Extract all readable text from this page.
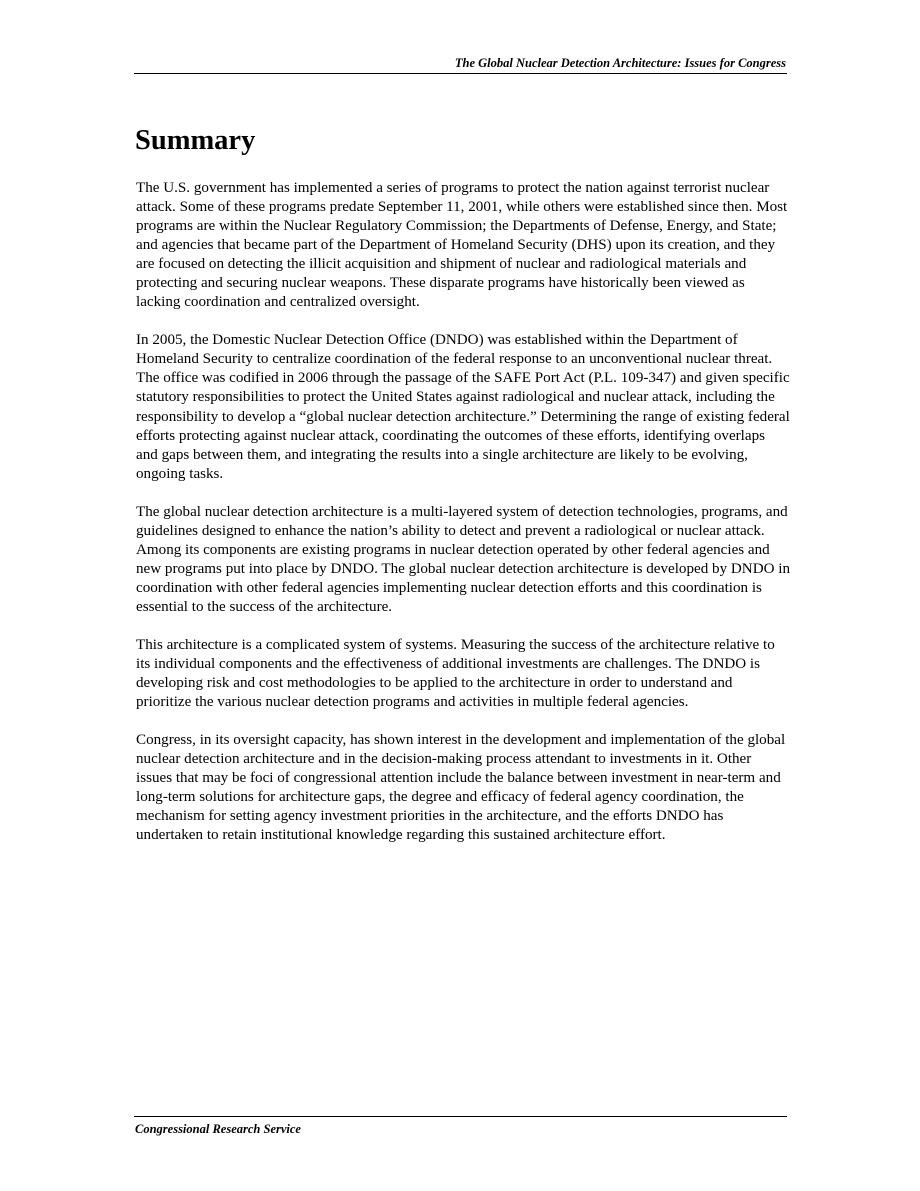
The Global Nuclear Detection Architecture: Issues for Congress
Summary

The U.S. government has implemented a series of programs to protect the nation against terrorist nuclear attack. Some of these programs predate September 11, 2001, while others were established since then. Most programs are within the Nuclear Regulatory Commission; the Departments of Defense, Energy, and State; and agencies that became part of the Department of Homeland Security (DHS) upon its creation, and they are focused on detecting the illicit acquisition and shipment of nuclear and radiological materials and protecting and securing nuclear weapons. These disparate programs have historically been viewed as lacking coordination and centralized oversight.

In 2005, the Domestic Nuclear Detection Office (DNDO) was established within the Department of Homeland Security to centralize coordination of the federal response to an unconventional nuclear threat. The office was codified in 2006 through the passage of the SAFE Port Act (P.L. 109-347) and given specific statutory responsibilities to protect the United States against radiological and nuclear attack, including the responsibility to develop a “global nuclear detection architecture.” Determining the range of existing federal efforts protecting against nuclear attack, coordinating the outcomes of these efforts, identifying overlaps and gaps between them, and integrating the results into a single architecture are likely to be evolving, ongoing tasks.

The global nuclear detection architecture is a multi-layered system of detection technologies, programs, and guidelines designed to enhance the nation’s ability to detect and prevent a radiological or nuclear attack. Among its components are existing programs in nuclear detection operated by other federal agencies and new programs put into place by DNDO. The global nuclear detection architecture is developed by DNDO in coordination with other federal agencies implementing nuclear detection efforts and this coordination is essential to the success of the architecture.

This architecture is a complicated system of systems. Measuring the success of the architecture relative to its individual components and the effectiveness of additional investments are challenges. The DNDO is developing risk and cost methodologies to be applied to the architecture in order to understand and prioritize the various nuclear detection programs and activities in multiple federal agencies.

Congress, in its oversight capacity, has shown interest in the development and implementation of the global nuclear detection architecture and in the decision-making process attendant to investments in it. Other issues that may be foci of congressional attention include the balance between investment in near-term and long-term solutions for architecture gaps, the degree and efficacy of federal agency coordination, the mechanism for setting agency investment priorities in the architecture, and the efforts DNDO has undertaken to retain institutional knowledge regarding this sustained architecture effort.

Congressional Research Service
